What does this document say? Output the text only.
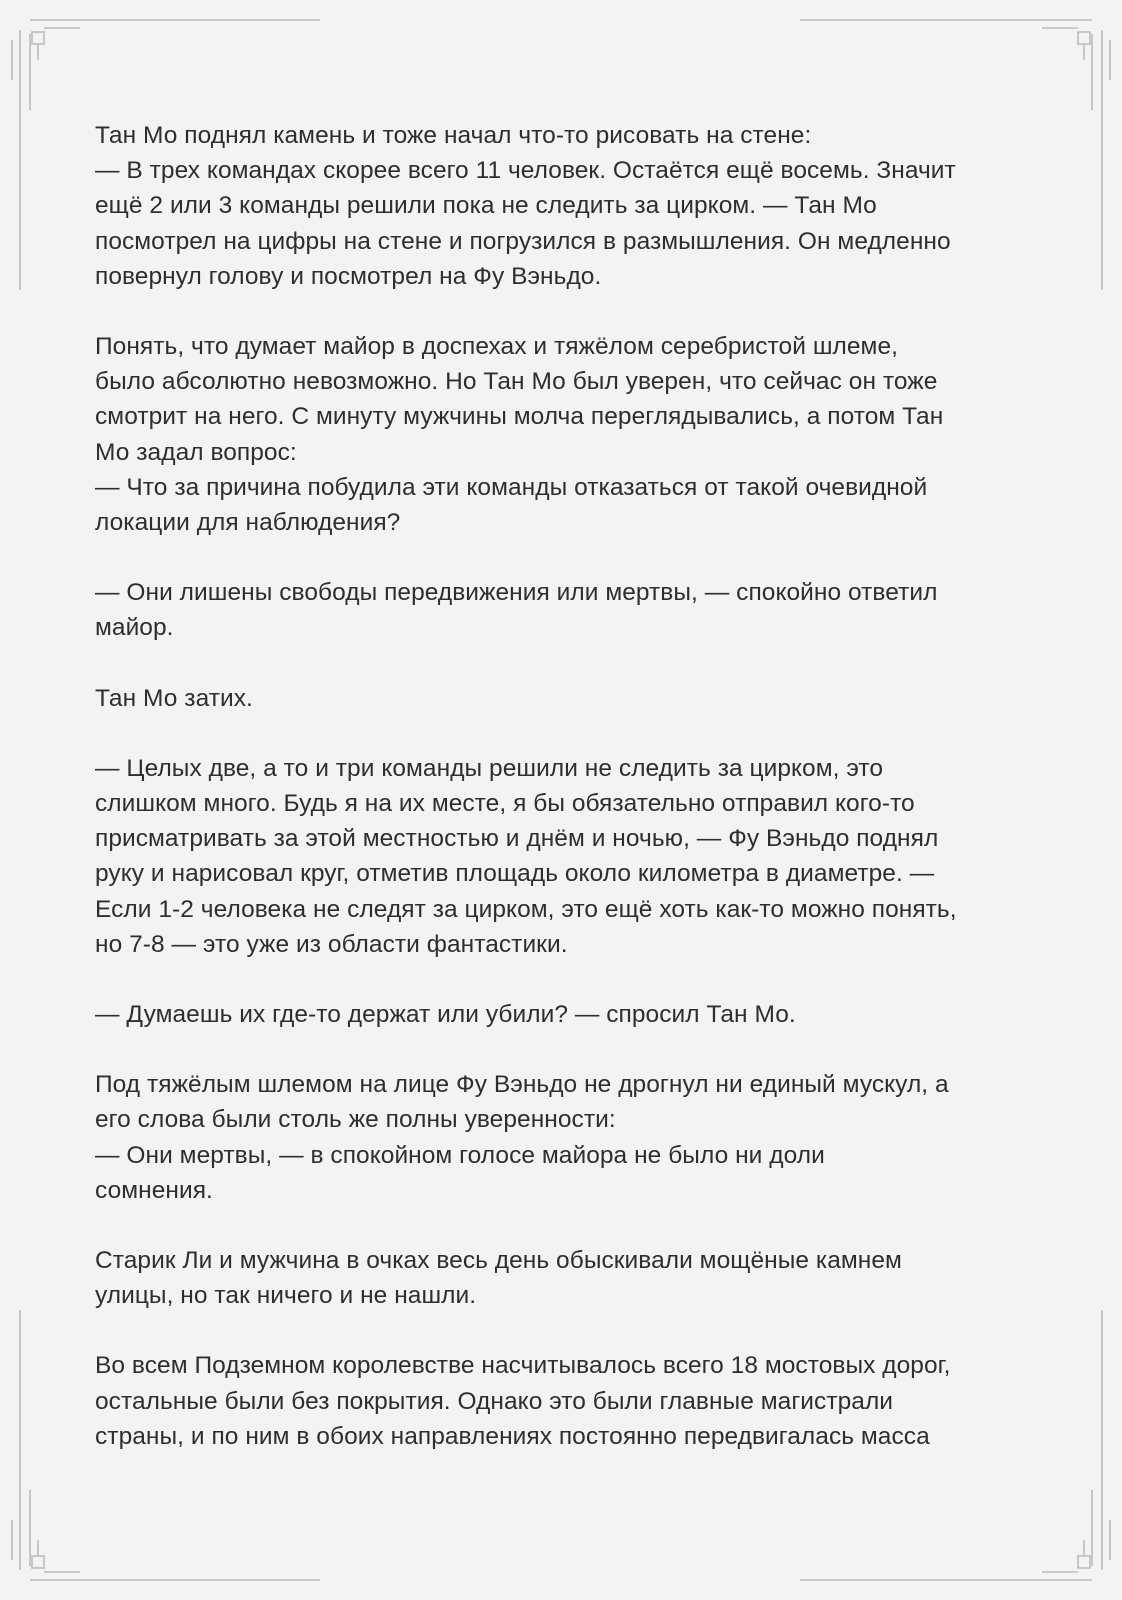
Тан Мо поднял камень и тоже начал что-то рисовать на стене:
— В трех командах скорее всего 11 человек. Остаётся ещё восемь. Значит
ещё 2 или 3 команды решили пока не следить за цирком. — Тан Мо
посмотрел на цифры на стене и погрузился в размышления. Он медленно
повернул голову и посмотрел на Фу Вэньдо.

Понять, что думает майор в доспехах и тяжёлом серебристой шлеме,
было абсолютно невозможно. Но Тан Мо был уверен, что сейчас он тоже
смотрит на него. С минуту мужчины молча переглядывались, а потом Тан
Мо задал вопрос:
— Что за причина побудила эти команды отказаться от такой очевидной
локации для наблюдения?

— Они лишены свободы передвижения или мертвы, — спокойно ответил
майор.

Тан Мо затих.

— Целых две, а то и три команды решили не следить за цирком, это
слишком много. Будь я на их месте, я бы обязательно отправил кого-то
присматривать за этой местностью и днём и ночью, — Фу Вэньдо поднял
руку и нарисовал круг, отметив площадь около километра в диаметре. —
Если 1-2 человека не следят за цирком, это ещё хоть как-то можно понять,
но 7-8 — это уже из области фантастики.

— Думаешь их где-то держат или убили? — спросил Тан Мо.

Под тяжёлым шлемом на лице Фу Вэньдо не дрогнул ни единый мускул, а
его слова были столь же полны уверенности:
— Они мертвы, — в спокойном голосе майора не было ни доли
сомнения.

Старик Ли и мужчина в очках весь день обыскивали мощёные камнем
улицы, но так ничего и не нашли.

Во всем Подземном королевстве насчитывалось всего 18 мостовых дорог,
остальные были без покрытия. Однако это были главные магистрали
страны, и по ним в обоих направлениях постоянно передвигалась масса
